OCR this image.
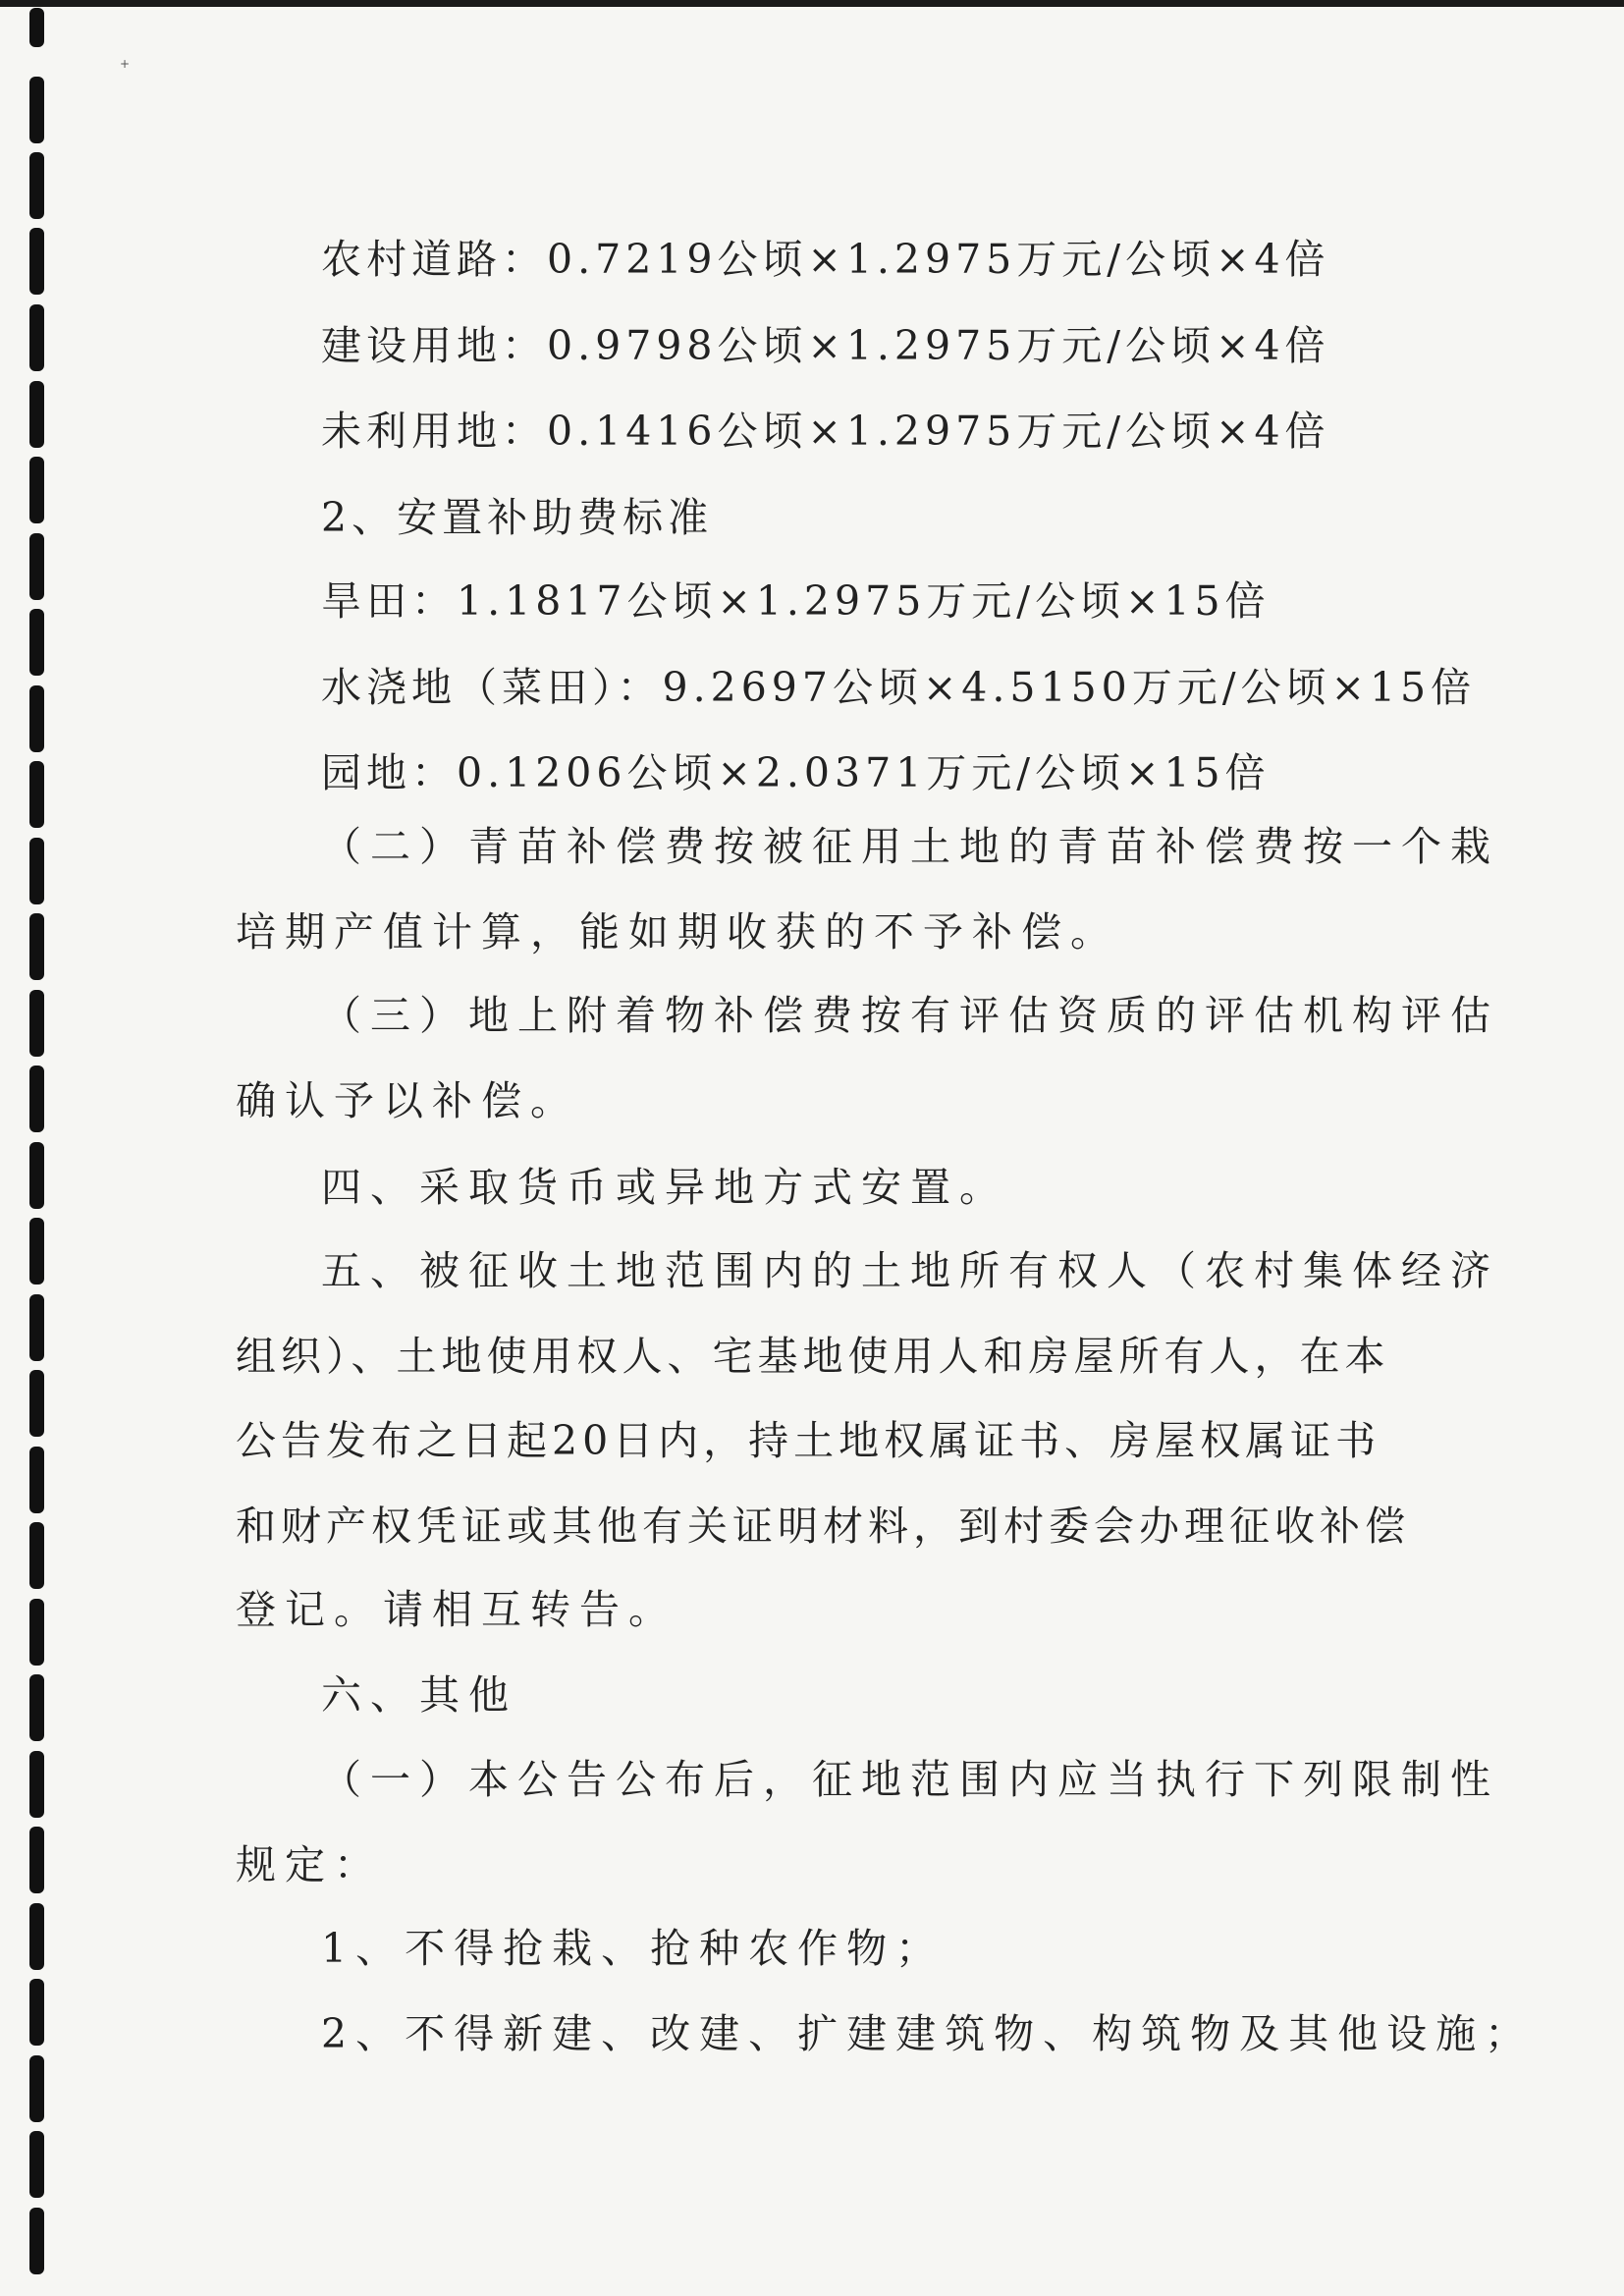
+
农村道路：0.7219公顷×1.2975万元/公顷×4倍
建设用地：0.9798公顷×1.2975万元/公顷×4倍
未利用地：0.1416公顷×1.2975万元/公顷×4倍
2、安置补助费标准
旱田：1.1817公顷×1.2975万元/公顷×15倍
水浇地（菜田）：9.2697公顷×4.5150万元/公顷×15倍
园地：0.1206公顷×2.0371万元/公顷×15倍
（二）青苗补偿费按被征用土地的青苗补偿费按一个栽
培期产值计算，能如期收获的不予补偿。
（三）地上附着物补偿费按有评估资质的评估机构评估
确认予以补偿。
四、采取货币或异地方式安置。
五、被征收土地范围内的土地所有权人（农村集体经济
组织）、土地使用权人、宅基地使用人和房屋所有人，在本
公告发布之日起20日内，持土地权属证书、房屋权属证书
和财产权凭证或其他有关证明材料，到村委会办理征收补偿
登记。请相互转告。
六、其他
（一）本公告公布后，征地范围内应当执行下列限制性
规定：
1、不得抢栽、抢种农作物；
2、不得新建、改建、扩建建筑物、构筑物及其他设施；
